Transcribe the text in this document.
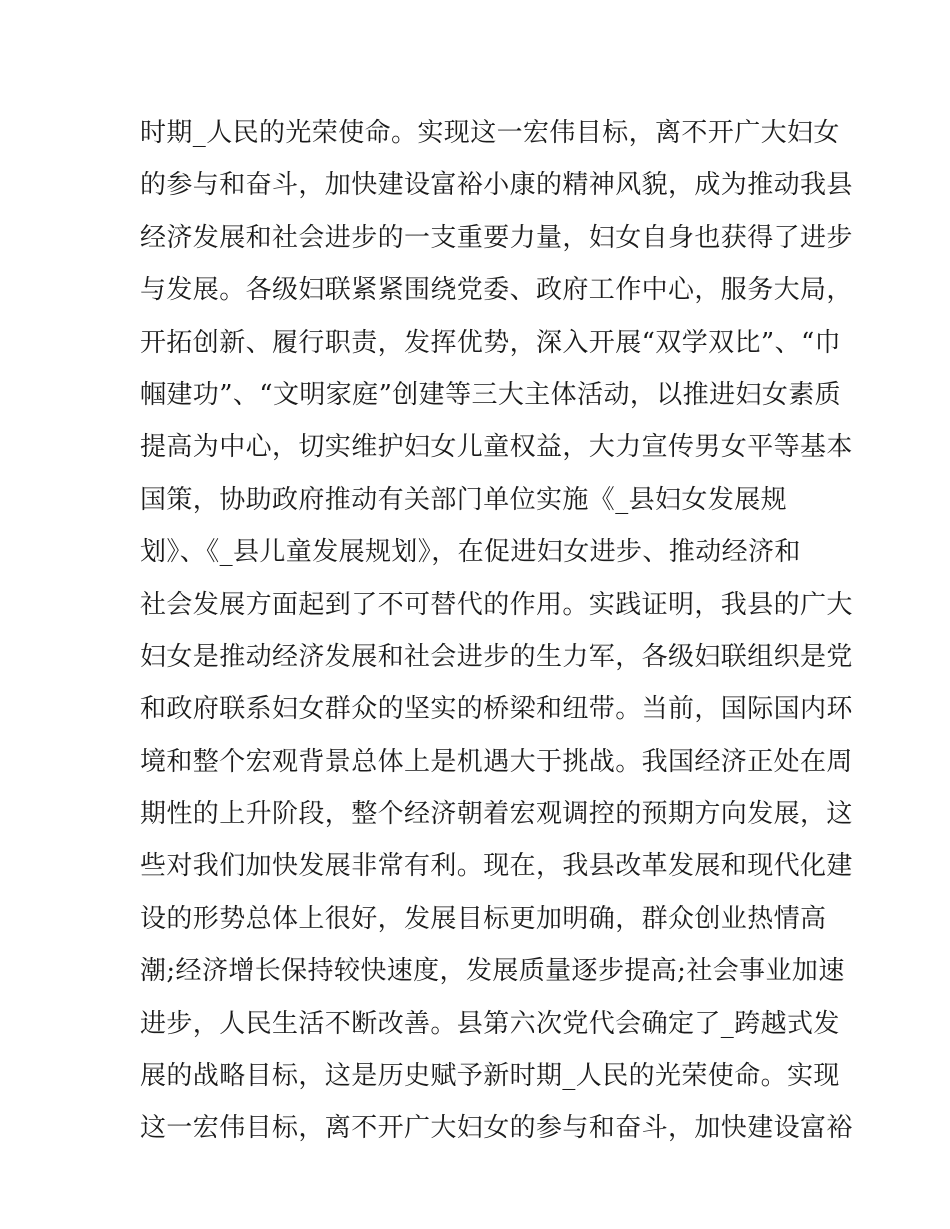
时期_人民的光荣使命。实现这一宏伟目标，离不开广大妇女
的参与和奋斗，加快建设富裕小康的精神风貌，成为推动我县
经济发展和社会进步的一支重要力量，妇女自身也获得了进步
与发展。各级妇联紧紧围绕党委、政府工作中心，服务大局，
开拓创新、履行职责，发挥优势，深入开展“双学双比”、“巾
帼建功”、“文明家庭”创建等三大主体活动，以推进妇女素质
提高为中心，切实维护妇女儿童权益，大力宣传男女平等基本
国策，协助政府推动有关部门单位实施《_县妇女发展规
划》、《_县儿童发展规划》，在促进妇女进步、推动经济和
社会发展方面起到了不可替代的作用。实践证明，我县的广大
妇女是推动经济发展和社会进步的生力军，各级妇联组织是党
和政府联系妇女群众的坚实的桥梁和纽带。当前，国际国内环
境和整个宏观背景总体上是机遇大于挑战。我国经济正处在周
期性的上升阶段，整个经济朝着宏观调控的预期方向发展，这
些对我们加快发展非常有利。现在，我县改革发展和现代化建
设的形势总体上很好，发展目标更加明确，群众创业热情高
潮;经济增长保持较快速度，发展质量逐步提高;社会事业加速
进步，人民生活不断改善。县第六次党代会确定了_跨越式发
展的战略目标，这是历史赋予新时期_人民的光荣使命。实现
这一宏伟目标，离不开广大妇女的参与和奋斗，加快建设富裕
